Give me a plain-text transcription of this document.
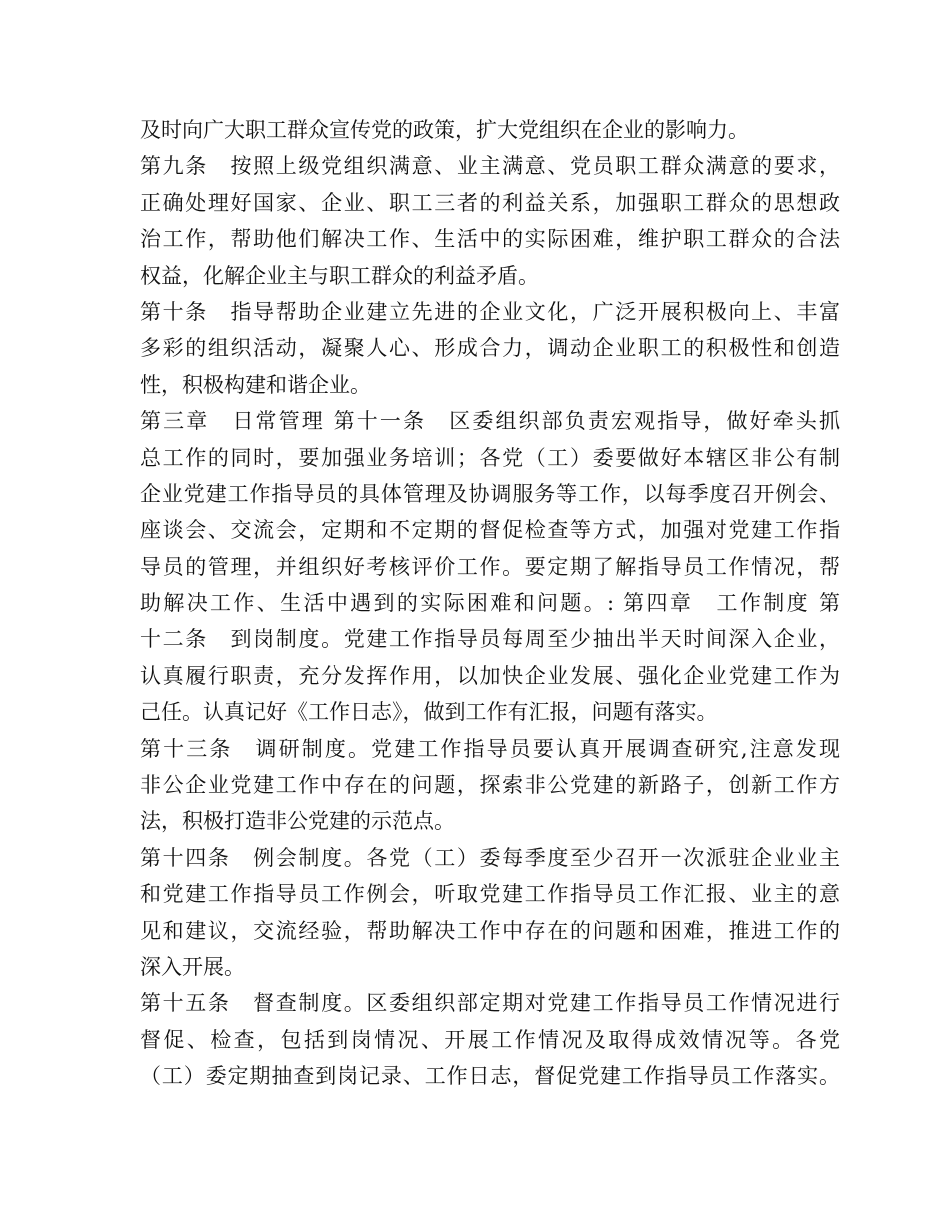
及时向广大职工群众宣传党的政策，扩大党组织在企业的影响力。
第九条　按照上级党组织满意、业主满意、党员职工群众满意的要求，
正确处理好国家、企业、职工三者的利益关系，加强职工群众的思想政
治工作，帮助他们解决工作、生活中的实际困难，维护职工群众的合法
权益，化解企业主与职工群众的利益矛盾。
第十条　指导帮助企业建立先进的企业文化，广泛开展积极向上、丰富
多彩的组织活动，凝聚人心、形成合力，调动企业职工的积极性和创造
性，积极构建和谐企业。
第三章　日常管理 第十一条　区委组织部负责宏观指导，做好牵头抓
总工作的同时，要加强业务培训；各党（工）委要做好本辖区非公有制
企业党建工作指导员的具体管理及协调服务等工作，以每季度召开例会、
座谈会、交流会，定期和不定期的督促检查等方式，加强对党建工作指
导员的管理，并组织好考核评价工作。要定期了解指导员工作情况，帮
助解决工作、生活中遇到的实际困难和问题。: 第四章　工作制度 第
十二条　到岗制度。党建工作指导员每周至少抽出半天时间深入企业，
认真履行职责，充分发挥作用，以加快企业发展、强化企业党建工作为
己任。认真记好《工作日志》，做到工作有汇报，问题有落实。
第十三条　调研制度。党建工作指导员要认真开展调查研究,注意发现
非公企业党建工作中存在的问题，探索非公党建的新路子，创新工作方
法，积极打造非公党建的示范点。
第十四条　例会制度。各党（工）委每季度至少召开一次派驻企业业主
和党建工作指导员工作例会，听取党建工作指导员工作汇报、业主的意
见和建议，交流经验，帮助解决工作中存在的问题和困难，推进工作的
深入开展。
第十五条　督查制度。区委组织部定期对党建工作指导员工作情况进行
督促、检查，包括到岗情况、开展工作情况及取得成效情况等。各党
（工）委定期抽查到岗记录、工作日志，督促党建工作指导员工作落实。
